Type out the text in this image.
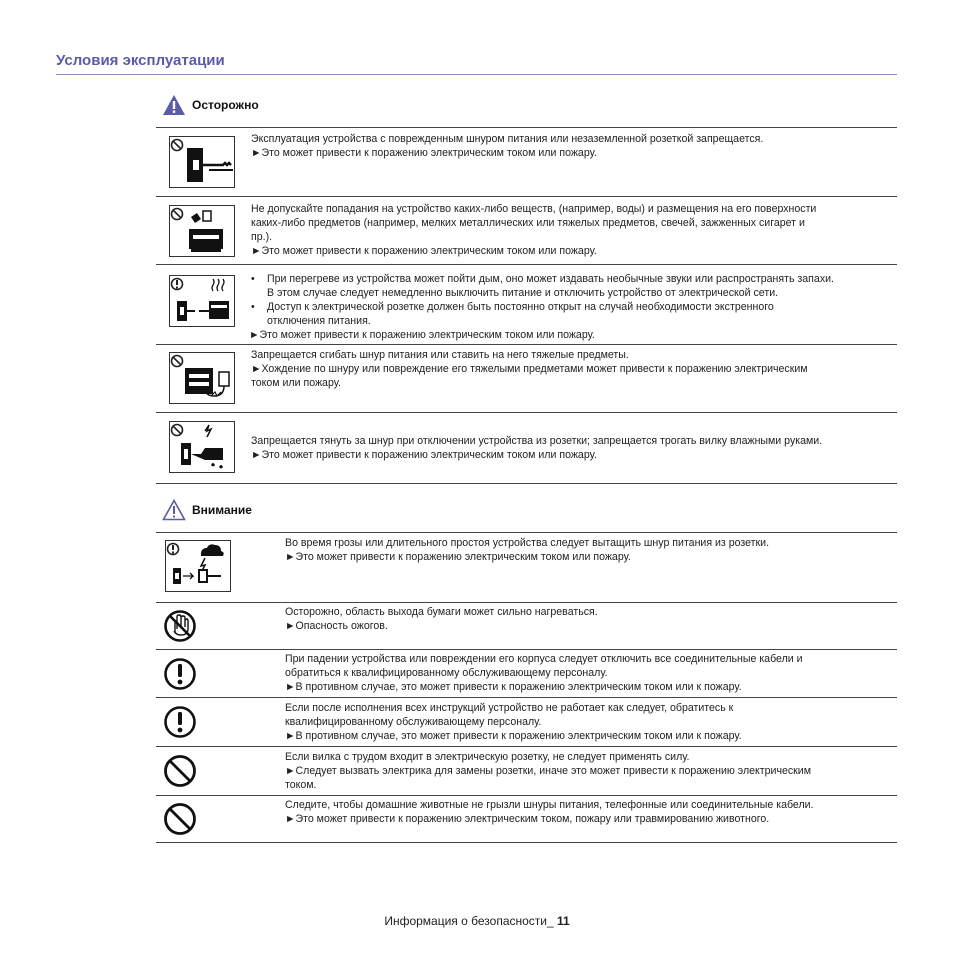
Условия эксплуатации
Осторожно
Эксплуатация устройства с поврежденным шнуром питания или незаземленной розеткой запрещается.
►Это может привести к поражению электрическим током или пожару.
Не допускайте попадания на устройство каких-либо веществ, (например, воды) и размещения на его поверхности
каких-либо предметов (например, мелких металлических или тяжелых предметов, свечей, зажженных сигарет и
пр.).
►Это может привести к поражению электрическим током или пожару.
•	При перегреве из устройства может пойти дым, оно может издавать необычные звуки или распространять запахи.
В этом случае следует немедленно выключить питание и отключить устройство от электрической сети.
•	Доступ к электрической розетке должен быть постоянно открыт на случай необходимости экстренного
отключения питания.
►Это может привести к поражению электрическим током или пожару.
Запрещается сгибать шнур питания или ставить на него тяжелые предметы.
►Хождение по шнуру или повреждение его тяжелыми предметами может привести к поражению электрическим
током или пожару.
Запрещается тянуть за шнур при отключении устройства из розетки; запрещается трогать вилку влажными руками.
►Это может привести к поражению электрическим током или пожару.
Внимание
Во время грозы или длительного простоя устройства следует вытащить шнур питания из розетки.
►Это может привести к поражению электрическим током или пожару.
Осторожно, область выхода бумаги может сильно нагреваться.
►Опасность ожогов.
При падении устройства или повреждении его корпуса следует отключить все соединительные кабели и
обратиться к квалифицированному обслуживающему персоналу.
►В противном случае, это может привести к поражению электрическим током или к пожару.
Если после исполнения всех инструкций устройство не работает как следует, обратитесь к
квалифицированному обслуживающему персоналу.
►В противном случае, это может привести к поражению электрическим током или к пожару.
Если вилка с трудом входит в электрическую розетку, не следует применять силу.
►Следует вызвать электрика для замены розетки, иначе это может привести к поражению электрическим
током.
Следите, чтобы домашние животные не грызли шнуры питания, телефонные или соединительные кабели.
►Это может привести к поражению электрическим током, пожару или травмированию животного.
Информация о безопасности_ 11
